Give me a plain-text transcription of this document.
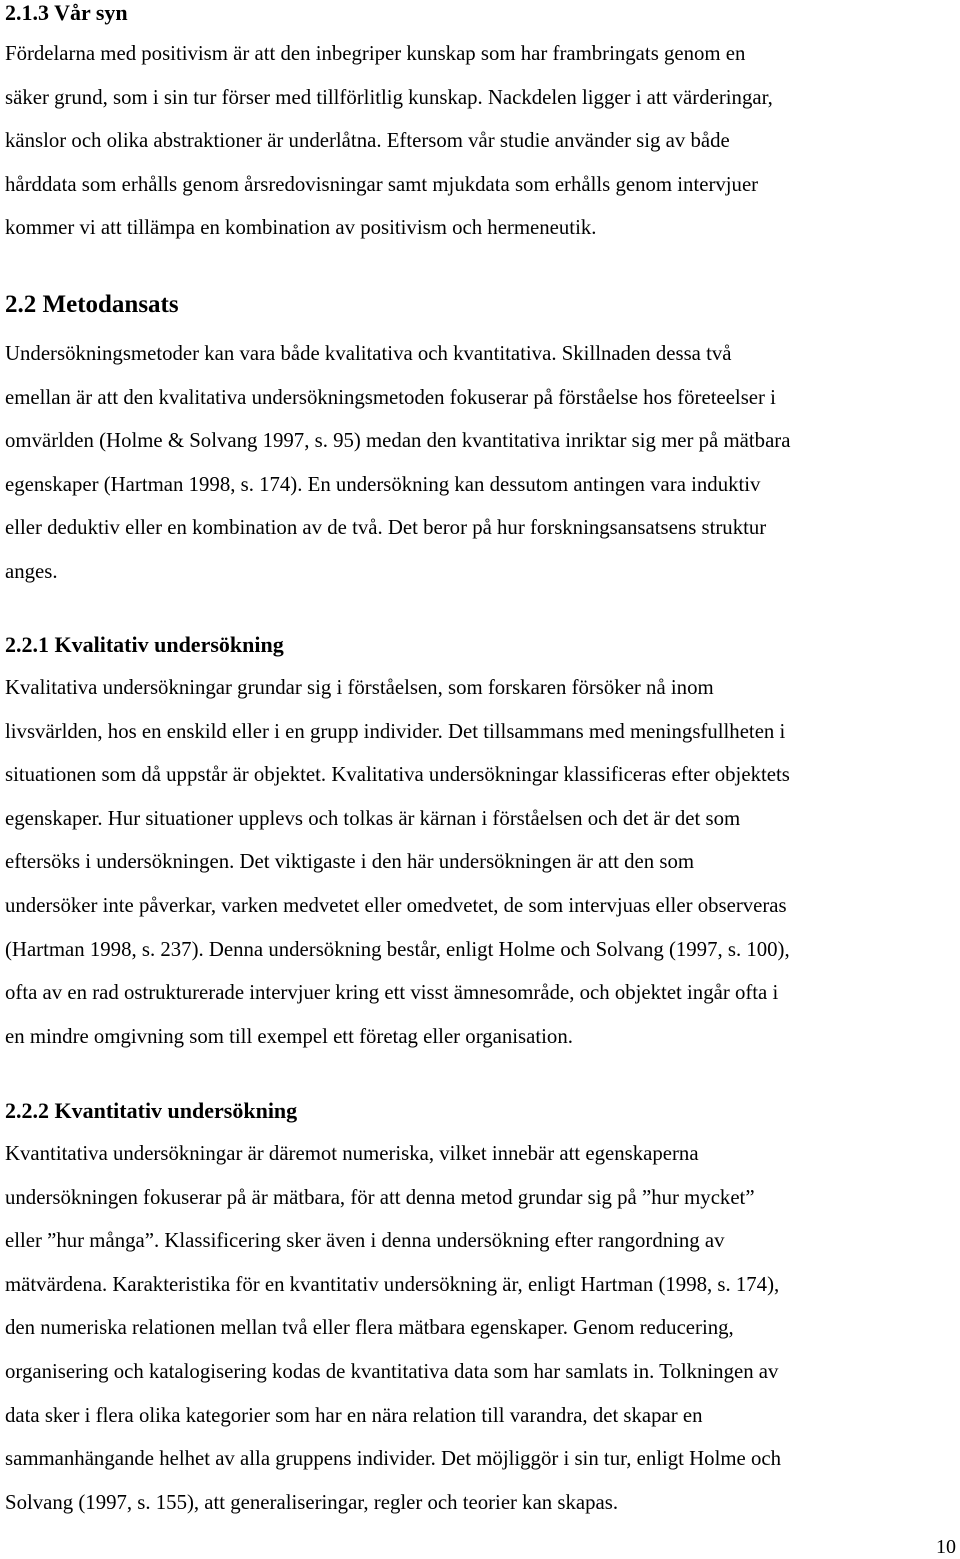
2.1.3 Vår syn

Fördelarna med positivism är att den inbegriper kunskap som har frambringats genom en
säker grund, som i sin tur förser med tillförlitlig kunskap. Nackdelen ligger i att värderingar,
känslor och olika abstraktioner är underlåtna. Eftersom vår studie använder sig av både
hårddata som erhålls genom årsredovisningar samt mjukdata som erhålls genom intervjuer
kommer vi att tillämpa en kombination av positivism och hermeneutik.

2.2 Metodansats

Undersökningsmetoder kan vara både kvalitativa och kvantitativa. Skillnaden dessa två
emellan är att den kvalitativa undersökningsmetoden fokuserar på förståelse hos företeelser i
omvärlden (Holme & Solvang 1997, s. 95) medan den kvantitativa inriktar sig mer på mätbara
egenskaper (Hartman 1998, s. 174). En undersökning kan dessutom antingen vara induktiv
eller deduktiv eller en kombination av de två. Det beror på hur forskningsansatsens struktur
anges.

2.2.1 Kvalitativ undersökning

Kvalitativa undersökningar grundar sig i förståelsen, som forskaren försöker nå inom
livsvärlden, hos en enskild eller i en grupp individer. Det tillsammans med meningsfullheten i
situationen som då uppstår är objektet. Kvalitativa undersökningar klassificeras efter objektets
egenskaper. Hur situationer upplevs och tolkas är kärnan i förståelsen och det är det som
eftersöks i undersökningen. Det viktigaste i den här undersökningen är att den som
undersöker inte påverkar, varken medvetet eller omedvetet, de som intervjuas eller observeras
(Hartman 1998, s. 237). Denna undersökning består, enligt Holme och Solvang (1997, s. 100),
ofta av en rad ostrukturerade intervjuer kring ett visst ämnesområde, och objektet ingår ofta i
en mindre omgivning som till exempel ett företag eller organisation.

2.2.2 Kvantitativ undersökning

Kvantitativa undersökningar är däremot numeriska, vilket innebär att egenskaperna
undersökningen fokuserar på är mätbara, för att denna metod grundar sig på ”hur mycket”
eller ”hur många”. Klassificering sker även i denna undersökning efter rangordning av
mätvärdena. Karakteristika för en kvantitativ undersökning är, enligt Hartman (1998, s. 174),
den numeriska relationen mellan två eller flera mätbara egenskaper. Genom reducering,
organisering och katalogisering kodas de kvantitativa data som har samlats in. Tolkningen av
data sker i flera olika kategorier som har en nära relation till varandra, det skapar en
sammanhängande helhet av alla gruppens individer. Det möjliggör i sin tur, enligt Holme och
Solvang (1997, s. 155), att generaliseringar, regler och teorier kan skapas.

10
